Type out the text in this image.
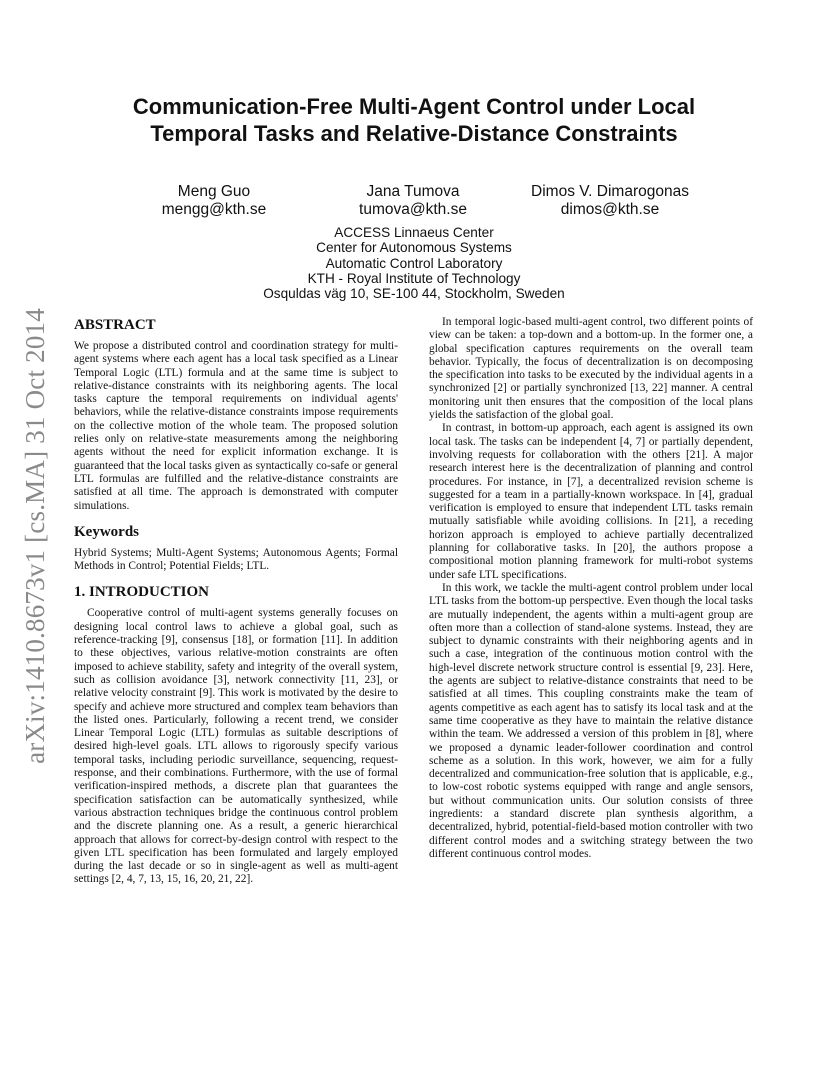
arXiv:1410.8673v1 [cs.MA] 31 Oct 2014
Communication-Free Multi-Agent Control under Local
Temporal Tasks and Relative-Distance Constraints
Meng Guo
mengg@kth.se
Jana Tumova
tumova@kth.se
Dimos V. Dimarogonas
dimos@kth.se
ACCESS Linnaeus Center
Center for Autonomous Systems
Automatic Control Laboratory
KTH - Royal Institute of Technology
Osquldas väg 10, SE-100 44, Stockholm, Sweden
ABSTRACT

We propose a distributed control and coordination strategy for multi-agent systems where each agent has a local task specified as a Linear Temporal Logic (LTL) formula and at the same time is subject to relative-distance constraints with its neighboring agents. The local tasks capture the temporal requirements on individual agents' behaviors, while the relative-distance constraints impose requirements on the collective motion of the whole team. The proposed solution relies only on relative-state measurements among the neighboring agents without the need for explicit information exchange. It is guaranteed that the local tasks given as syntactically co-safe or general LTL formulas are fulfilled and the relative-distance constraints are satisfied at all time. The approach is demonstrated with computer simulations.

Keywords

Hybrid Systems; Multi-Agent Systems; Autonomous Agents; Formal Methods in Control; Potential Fields; LTL.

1. INTRODUCTION

Cooperative control of multi-agent systems generally focuses on designing local control laws to achieve a global goal, such as reference-tracking [9], consensus [18], or formation [11]. In addition to these objectives, various relative-motion constraints are often imposed to achieve stability, safety and integrity of the overall system, such as collision avoidance [3], network connectivity [11, 23], or relative velocity constraint [9]. This work is motivated by the desire to specify and achieve more structured and complex team behaviors than the listed ones. Particularly, following a recent trend, we consider Linear Temporal Logic (LTL) formulas as suitable descriptions of desired high-level goals. LTL allows to rigorously specify various temporal tasks, including periodic surveillance, sequencing, request-response, and their combinations. Furthermore, with the use of formal verification-inspired methods, a discrete plan that guarantees the specification satisfaction can be automatically synthesized, while various abstraction techniques bridge the continuous control problem and the discrete planning one. As a result, a generic hierarchical approach that allows for correct-by-design control with respect to the given LTL specification has been formulated and largely employed during the last decade or so in single-agent as well as multi-agent settings [2, 4, 7, 13, 15, 16, 20, 21, 22].

In temporal logic-based multi-agent control, two different points of view can be taken: a top-down and a bottom-up. In the former one, a global specification captures requirements on the overall team behavior. Typically, the focus of decentralization is on decomposing the specification into tasks to be executed by the individual agents in a synchronized [2] or partially synchronized [13, 22] manner. A central monitoring unit then ensures that the composition of the local plans yields the satisfaction of the global goal.

In contrast, in bottom-up approach, each agent is assigned its own local task. The tasks can be independent [4, 7] or partially dependent, involving requests for collaboration with the others [21]. A major research interest here is the decentralization of planning and control procedures. For instance, in [7], a decentralized revision scheme is suggested for a team in a partially-known workspace. In [4], gradual verification is employed to ensure that independent LTL tasks remain mutually satisfiable while avoiding collisions. In [21], a receding horizon approach is employed to achieve partially decentralized planning for collaborative tasks. In [20], the authors propose a compositional motion planning framework for multi-robot systems under safe LTL specifications.

In this work, we tackle the multi-agent control problem under local LTL tasks from the bottom-up perspective. Even though the local tasks are mutually independent, the agents within a multi-agent group are often more than a collection of stand-alone systems. Instead, they are subject to dynamic constraints with their neighboring agents and in such a case, integration of the continuous motion control with the high-level discrete network structure control is essential [9, 23]. Here, the agents are subject to relative-distance constraints that need to be satisfied at all times. This coupling constraints make the team of agents competitive as each agent has to satisfy its local task and at the same time cooperative as they have to maintain the relative distance within the team. We addressed a version of this problem in [8], where we proposed a dynamic leader-follower coordination and control scheme as a solution. In this work, however, we aim for a fully decentralized and communication-free solution that is applicable, e.g., to low-cost robotic systems equipped with range and angle sensors, but without communication units. Our solution consists of three ingredients: a standard discrete plan synthesis algorithm, a decentralized, hybrid, potential-field-based motion controller with two different control modes and a switching strategy between the two different continuous control modes.
